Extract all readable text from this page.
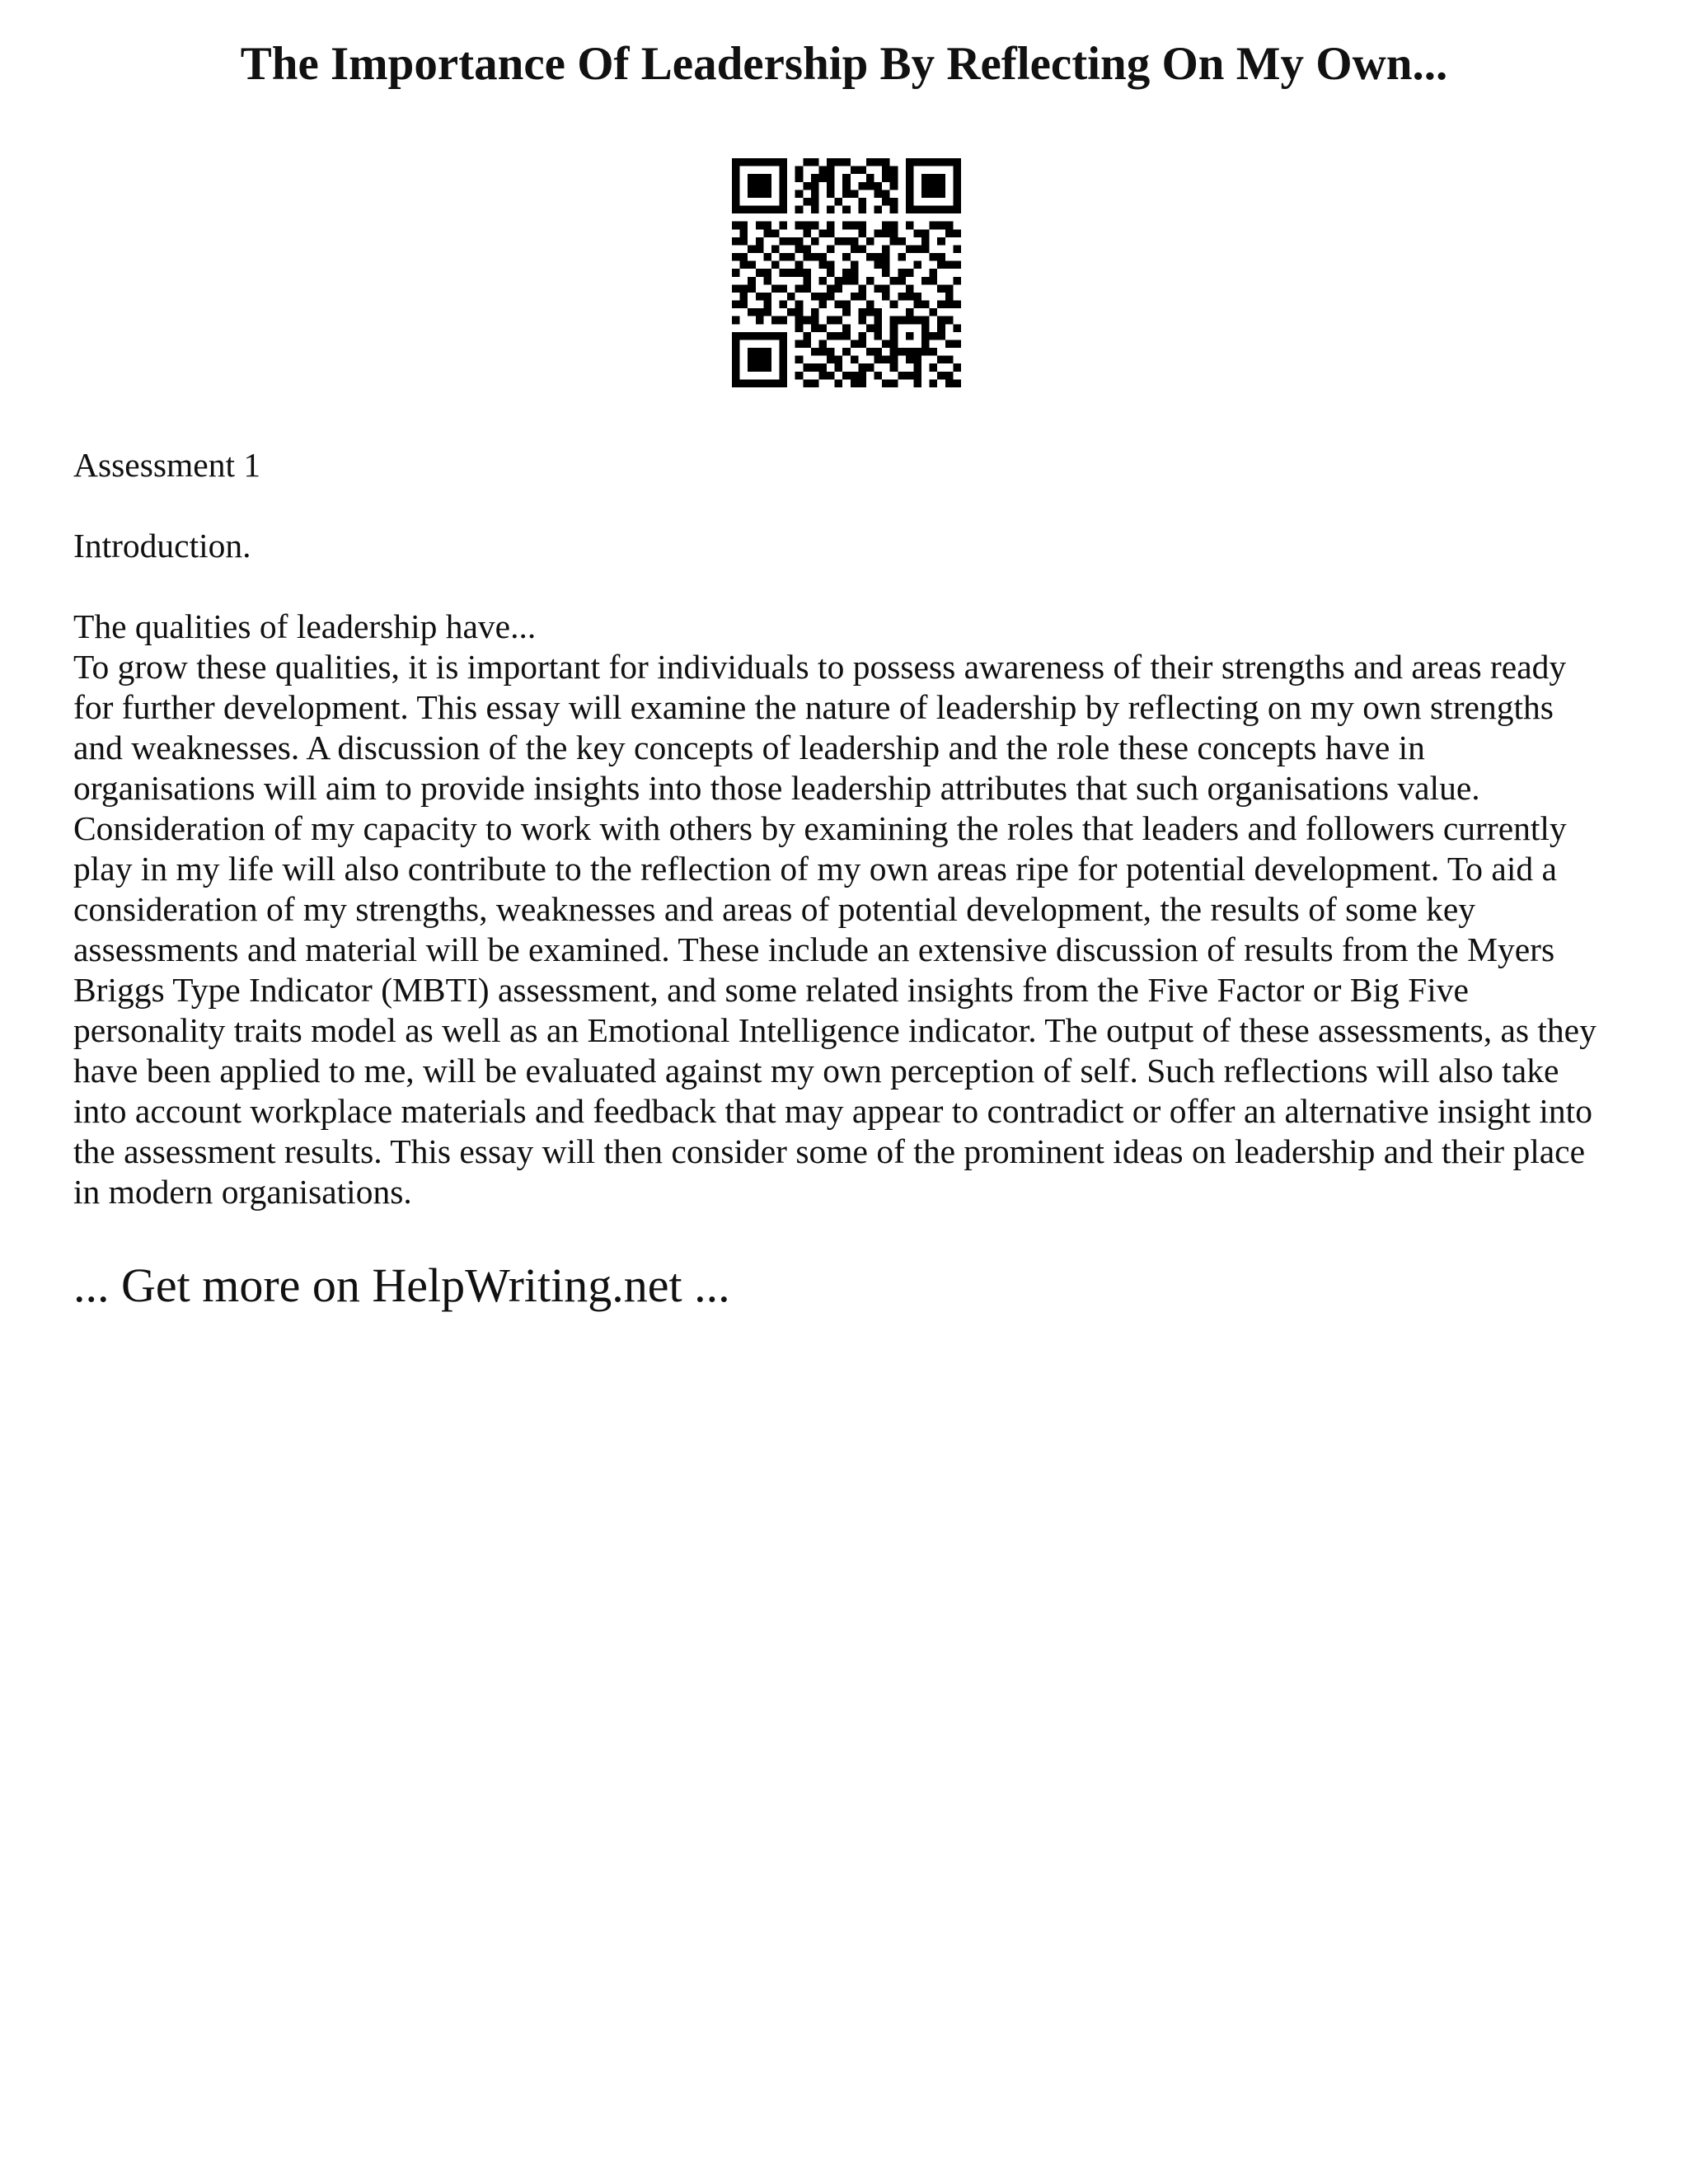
The Importance Of Leadership By Reflecting On My Own...

Assessment 1

Introduction.

The qualities of leadership have...

To grow these qualities, it is important for individuals to possess awareness of their strengths and areas ready
for further development. This essay will examine the nature of leadership by reflecting on my own strengths
and weaknesses. A discussion of the key concepts of leadership and the role these concepts have in
organisations will aim to provide insights into those leadership attributes that such organisations value.
Consideration of my capacity to work with others by examining the roles that leaders and followers currently
play in my life will also contribute to the reflection of my own areas ripe for potential development. To aid a
consideration of my strengths, weaknesses and areas of potential development, the results of some key
assessments and material will be examined. These include an extensive discussion of results from the Myers
Briggs Type Indicator (MBTI) assessment, and some related insights from the Five Factor or Big Five
personality traits model as well as an Emotional Intelligence indicator. The output of these assessments, as they
have been applied to me, will be evaluated against my own perception of self. Such reflections will also take
into account workplace materials and feedback that may appear to contradict or offer an alternative insight into
the assessment results. This essay will then consider some of the prominent ideas on leadership and their place
in modern organisations.
... Get more on HelpWriting.net ...
